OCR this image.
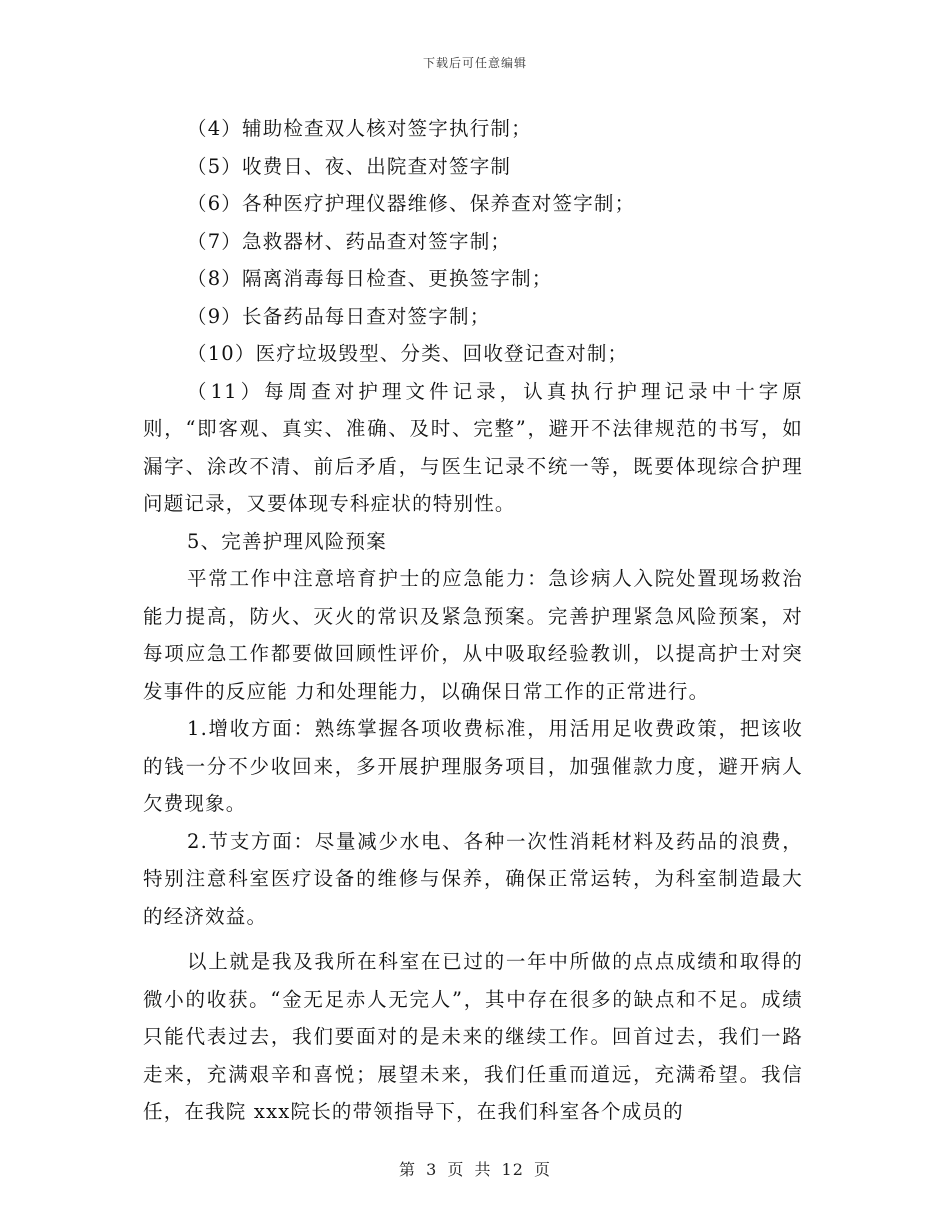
下载后可任意编辑

（4）辅助检查双人核对签字执行制；

（5）收费日、夜、出院查对签字制

（6）各种医疗护理仪器维修、保养查对签字制；

（7）急救器材、药品查对签字制；

（8）隔离消毒每日检查、更换签字制；

（9）长备药品每日查对签字制；

（10）医疗垃圾毁型、分类、回收登记查对制；

（11）每周查对护理文件记录，认真执行护理记录中十字原则，“即客观、真实、准确、及时、完整”，避开不法律规范的书写，如漏字、涂改不清、前后矛盾，与医生记录不统一等，既要体现综合护理问题记录，又要体现专科症状的特别性。

5、完善护理风险预案

平常工作中注意培育护士的应急能力：急诊病人入院处置现场救治能力提高，防火、灭火的常识及紧急预案。完善护理紧急风险预案，对每项应急工作都要做回顾性评价，从中吸取经验教训，以提高护士对突发事件的反应能 力和处理能力，以确保日常工作的正常进行。

1.增收方面：熟练掌握各项收费标准，用活用足收费政策，把该收的钱一分不少收回来，多开展护理服务项目，加强催款力度，避开病人欠费现象。

2.节支方面：尽量减少水电、各种一次性消耗材料及药品的浪费，特别注意科室医疗设备的维修与保养，确保正常运转，为科室制造最大的经济效益。

以上就是我及我所在科室在已过的一年中所做的点点成绩和取得的微小的收获。“金无足赤人无完人”，其中存在很多的缺点和不足。成绩只能代表过去，我们要面对的是未来的继续工作。回首过去，我们一路走来，充满艰辛和喜悦；展望未来，我们任重而道远，充满希望。我信任，在我院 xxx院长的带领指导下，在我们科室各个成员的

第 3 页 共 12 页
